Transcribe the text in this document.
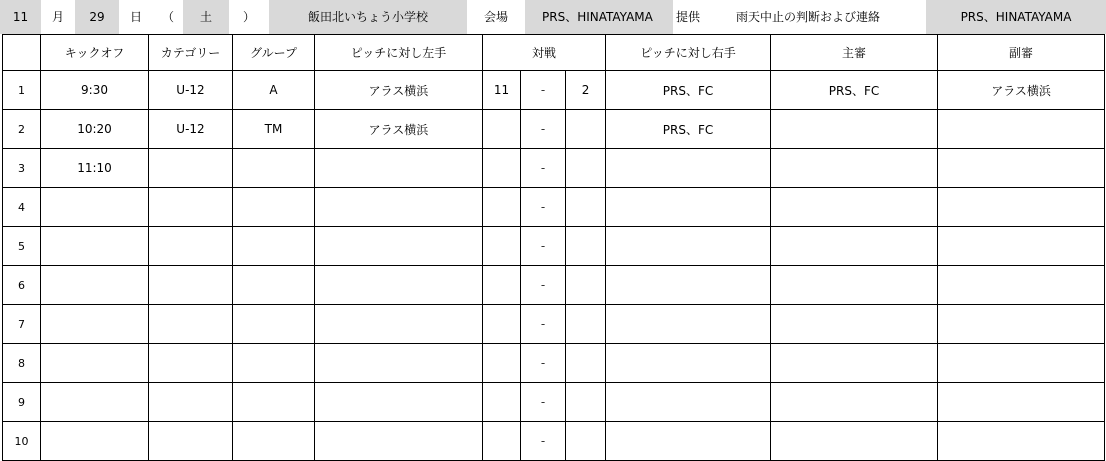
11	月	29	日	（	土	）	飯田北いちょう小学校	会場	PRS、HINATAYAMA	提供	雨天中止の判断および連絡	PRS、HINATAYAMA
	キックオフ	カテゴリー	グループ	ピッチに対し左手	対戦			ピッチに対し右手	主審	副審
1	9:30	U-12	A	アラス横浜	11	-	2	PRS、FC	PRS、FC	アラス横浜
2	10:20	U-12	TM	アラス横浜		-		PRS、FC		
3	11:10					-				
4						-				
5						-				
6						-				
7						-				
8						-				
9						-				
10						-				
